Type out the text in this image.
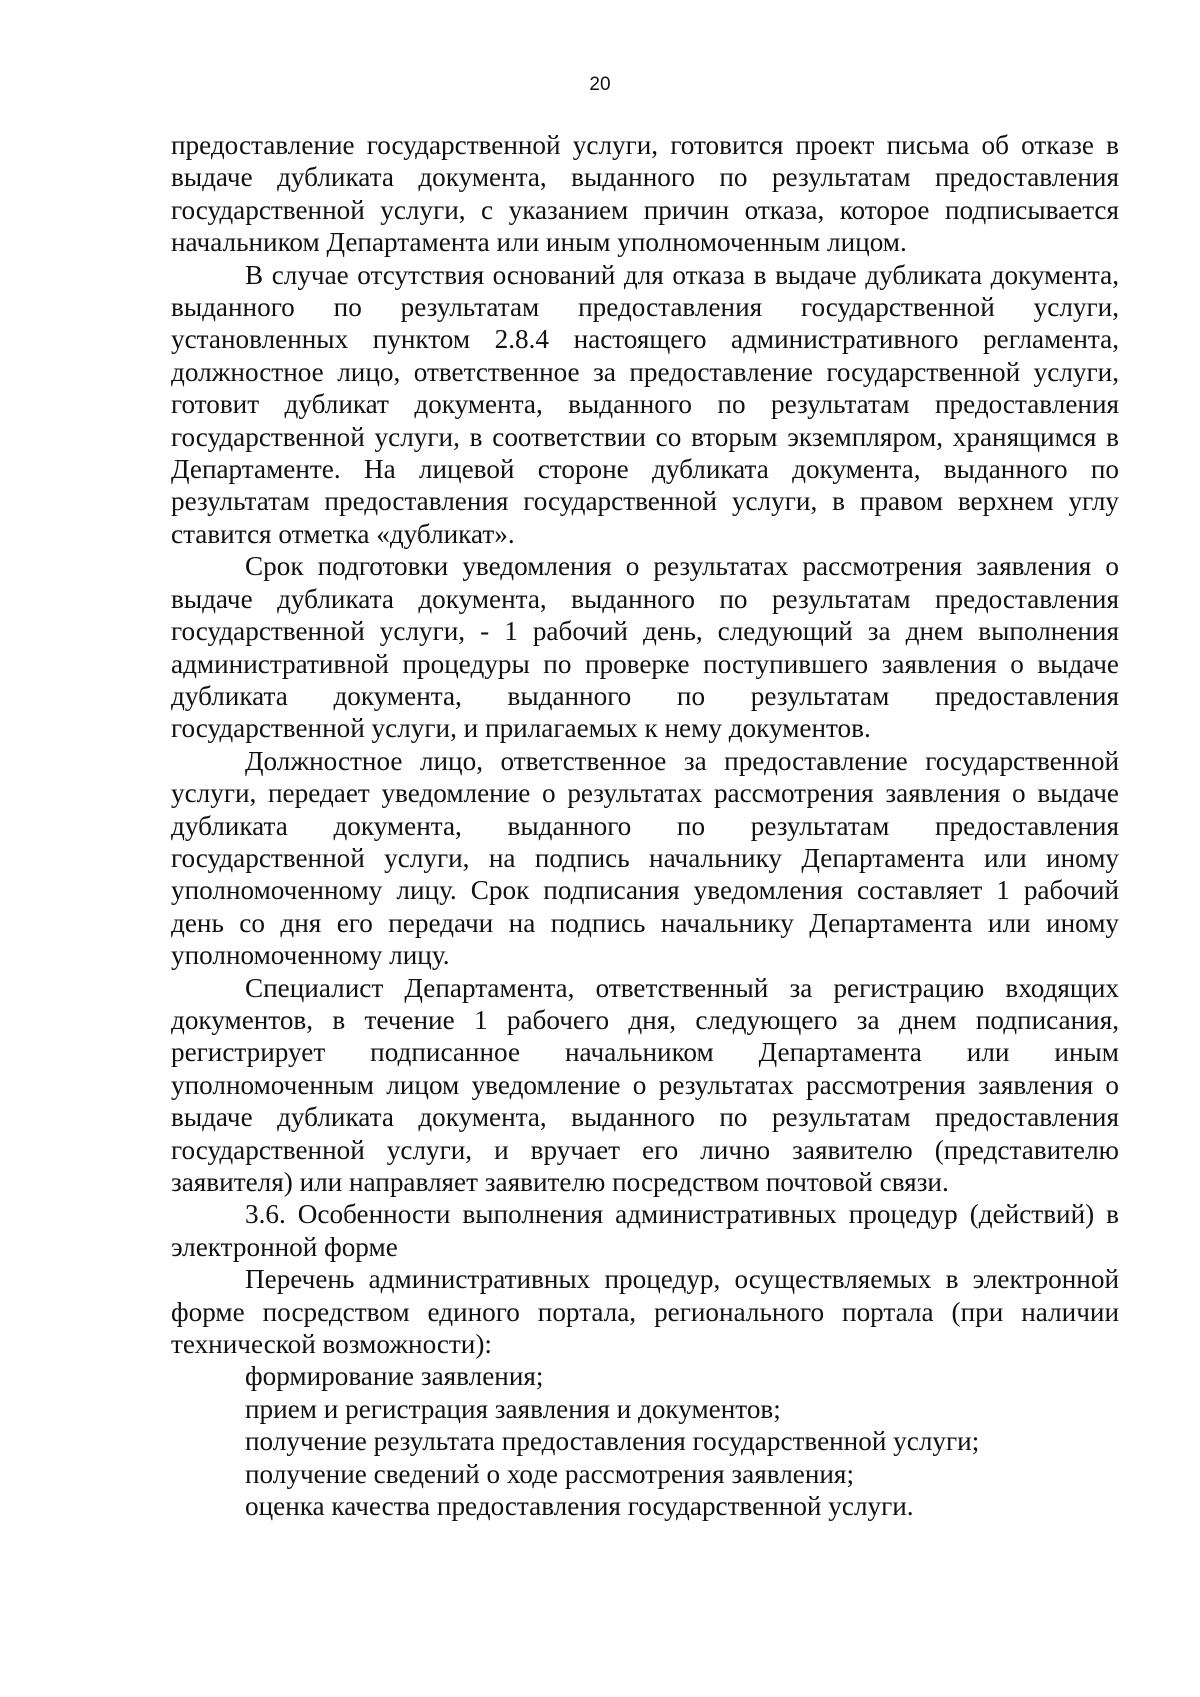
20

предоставление государственной услуги, готовится проект письма об отказе в выдаче дубликата документа, выданного по результатам предоставления государственной услуги, с указанием причин отказа, которое подписывается начальником Департамента или иным уполномоченным лицом.

В случае отсутствия оснований для отказа в выдаче дубликата документа, выданного по результатам предоставления государственной услуги, установленных пунктом 2.8.4 настоящего административного регламента, должностное лицо, ответственное за предоставление государственной услуги, готовит дубликат документа, выданного по результатам предоставления государственной услуги, в соответствии со вторым экземпляром, хранящимся в Департаменте. На лицевой стороне дубликата документа, выданного по результатам предоставления государственной услуги, в правом верхнем углу ставится отметка «дубликат».

Срок подготовки уведомления о результатах рассмотрения заявления о выдаче дубликата документа, выданного по результатам предоставления государственной услуги, - 1 рабочий день, следующий за днем выполнения административной процедуры по проверке поступившего заявления о выдаче дубликата документа, выданного по результатам предоставления государственной услуги, и прилагаемых к нему документов.

Должностное лицо, ответственное за предоставление государственной услуги, передает уведомление о результатах рассмотрения заявления о выдаче дубликата документа, выданного по результатам предоставления государственной услуги, на подпись начальнику Департамента или иному уполномоченному лицу. Срок подписания уведомления составляет 1 рабочий день со дня его передачи на подпись начальнику Департамента или иному уполномоченному лицу.

Специалист Департамента, ответственный за регистрацию входящих документов, в течение 1 рабочего дня, следующего за днем подписания, регистрирует подписанное начальником Департамента или иным уполномоченным лицом уведомление о результатах рассмотрения заявления о выдаче дубликата документа, выданного по результатам предоставления государственной услуги, и вручает его лично заявителю (представителю заявителя) или направляет заявителю посредством почтовой связи.

3.6. Особенности выполнения административных процедур (действий) в электронной форме

Перечень административных процедур, осуществляемых в электронной форме посредством единого портала, регионального портала (при наличии технической возможности):

формирование заявления;

прием и регистрация заявления и документов;

получение результата предоставления государственной услуги;

получение сведений о ходе рассмотрения заявления;

оценка качества предоставления государственной услуги.
